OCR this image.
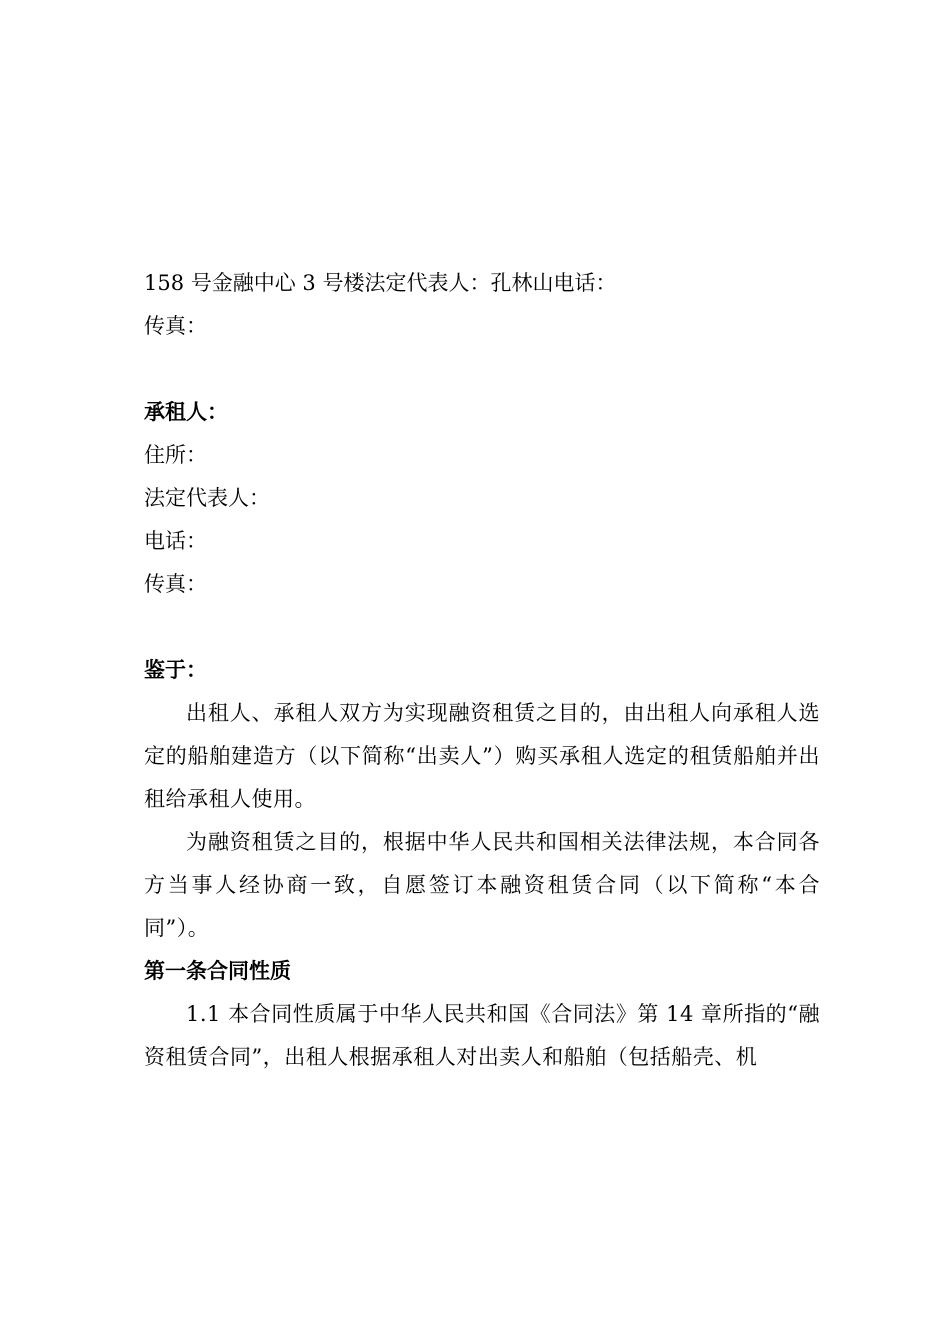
158 号金融中心 3 号楼法定代表人：孔林山电话：

传真：

承租人：

住所：

法定代表人：

电话：

传真：

鉴于：

出租人、承租人双方为实现融资租赁之目的，由出租人向承租人选定的船舶建造方（以下简称“出卖人”）购买承租人选定的租赁船舶并出租给承租人使用。

为融资租赁之目的，根据中华人民共和国相关法律法规，本合同各方当事人经协商一致，自愿签订本融资租赁合同（以下简称“本合同”）。

第一条合同性质

1.1 本合同性质属于中华人民共和国《合同法》第 14 章所指的“融资租赁合同”，出租人根据承租人对出卖人和船舶（包括船壳、机
